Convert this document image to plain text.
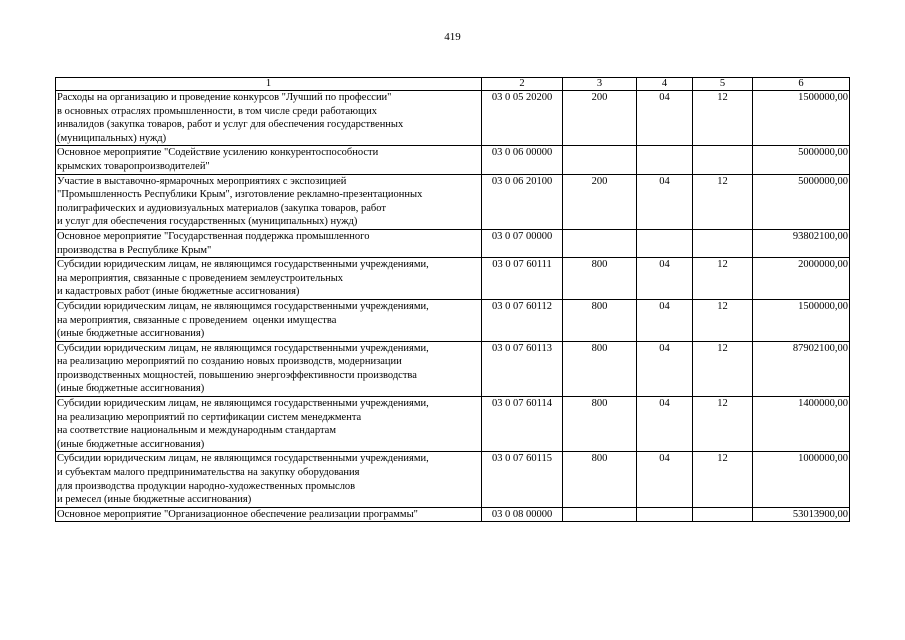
419
1	2	3	4	5	6
Расходы на организацию и проведение конкурсов "Лучший по профессии"
в основных отраслях промышленности, в том числе среди работающих
инвалидов (закупка товаров, работ и услуг для обеспечения государственных
(муниципальных) нужд)	03 0 05 20200	200	04	12	1500000,00
Основное мероприятие "Содействие усилению конкурентоспособности
крымских товаропроизводителей"	03 0 06 00000				5000000,00
Участие в выставочно-ярмарочных мероприятиях с экспозицией
"Промышленность Республики Крым", изготовление рекламно-презентационных
полиграфических и аудиовизуальных материалов (закупка товаров, работ
и услуг для обеспечения государственных (муниципальных) нужд)	03 0 06 20100	200	04	12	5000000,00
Основное мероприятие "Государственная поддержка промышленного
производства в Республике Крым"	03 0 07 00000				93802100,00
Субсидии юридическим лицам, не являющимся государственными учреждениями,
на мероприятия, связанные с проведением землеустроительных
и кадастровых работ (иные бюджетные ассигнования)	03 0 07 60111	800	04	12	2000000,00
Субсидии юридическим лицам, не являющимся государственными учреждениями,
на мероприятия, связанные с проведением  оценки имущества
(иные бюджетные ассигнования)	03 0 07 60112	800	04	12	1500000,00
Субсидии юридическим лицам, не являющимся государственными учреждениями,
на реализацию мероприятий по созданию новых производств, модернизации
производственных мощностей, повышению энергоэффективности производства
(иные бюджетные ассигнования)	03 0 07 60113	800	04	12	87902100,00
Субсидии юридическим лицам, не являющимся государственными учреждениями,
на реализацию мероприятий по сертификации систем менеджмента
на соответствие национальным и международным стандартам
(иные бюджетные ассигнования)	03 0 07 60114	800	04	12	1400000,00
Субсидии юридическим лицам, не являющимся государственными учреждениями,
и субъектам малого предпринимательства на закупку оборудования
для производства продукции народно-художественных промыслов
и ремесел (иные бюджетные ассигнования)	03 0 07 60115	800	04	12	1000000,00
Основное мероприятие "Организационное обеспечение реализации программы"	03 0 08 00000				53013900,00
